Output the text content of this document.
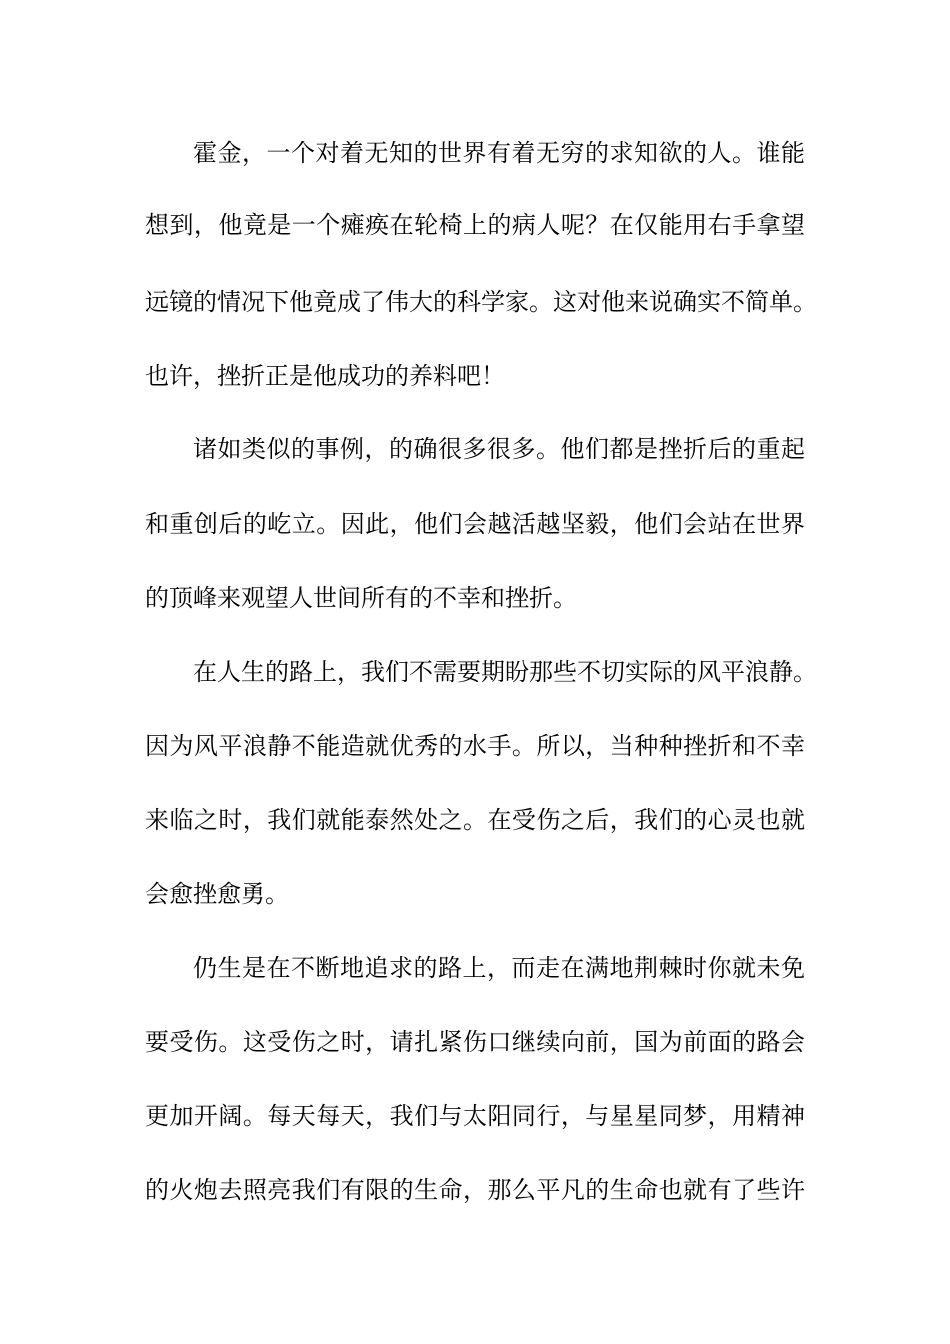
霍金，一个对着无知的世界有着无穷的求知欲的人。谁能
想到，他竟是一个瘫痪在轮椅上的病人呢？在仅能用右手拿望
远镜的情况下他竟成了伟大的科学家。这对他来说确实不简单。
也许，挫折正是他成功的养料吧！
诸如类似的事例，的确很多很多。他们都是挫折后的重起
和重创后的屹立。因此，他们会越活越坚毅，他们会站在世界
的顶峰来观望人世间所有的不幸和挫折。
在人生的路上，我们不需要期盼那些不切实际的风平浪静。
因为风平浪静不能造就优秀的水手。所以，当种种挫折和不幸
来临之时，我们就能泰然处之。在受伤之后，我们的心灵也就
会愈挫愈勇。
仍生是在不断地追求的路上，而走在满地荆棘时你就未免
要受伤。这受伤之时，请扎紧伤口继续向前，国为前面的路会
更加开阔。每天每天，我们与太阳同行，与星星同梦，用精神
的火炮去照亮我们有限的生命，那么平凡的生命也就有了些许
